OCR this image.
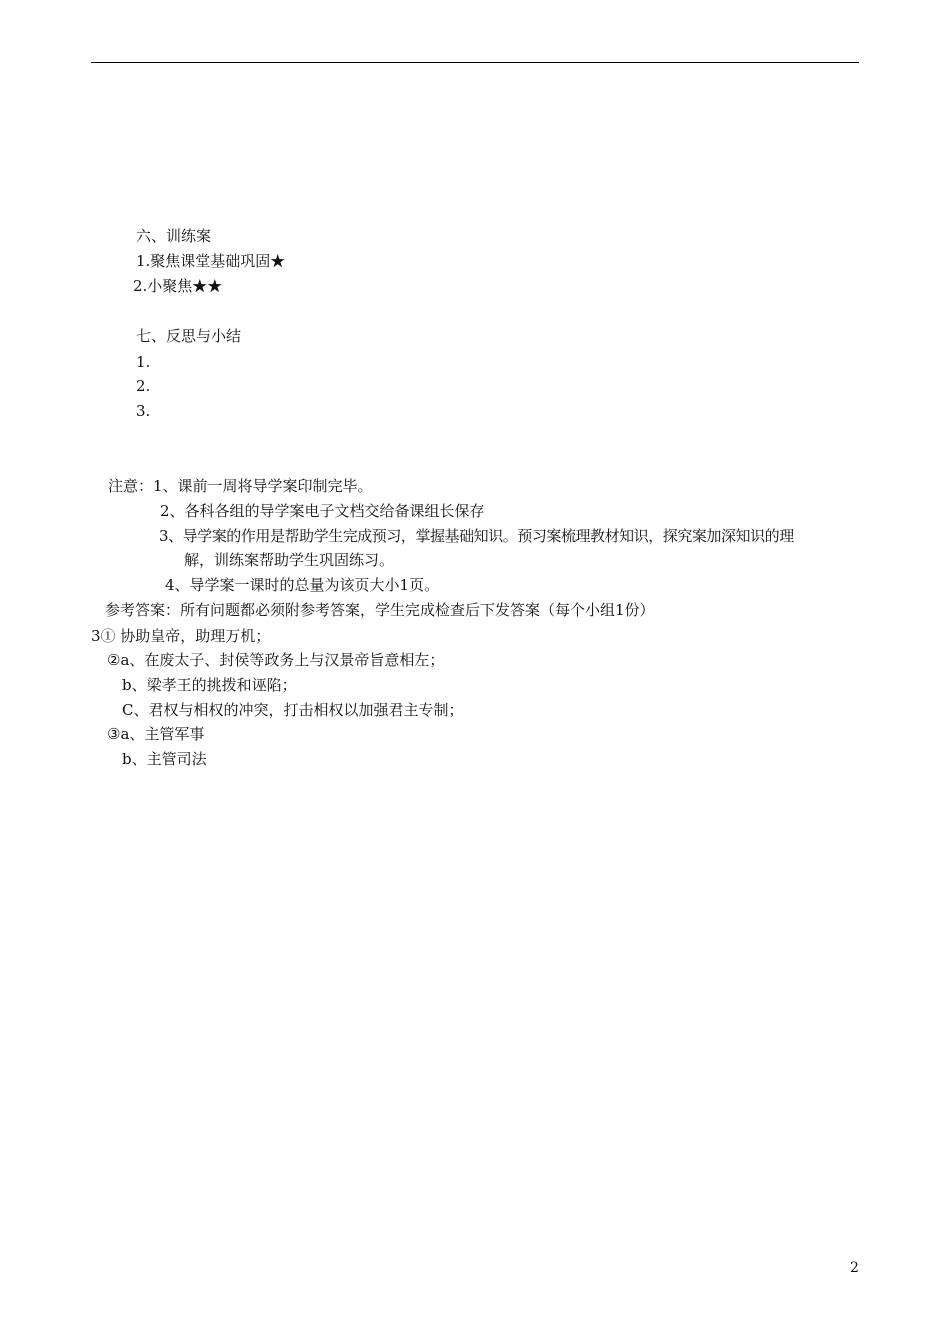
六、训练案
1.聚焦课堂基础巩固★
2.小聚焦★★
七、反思与小结
1.
2.
3.
注意：1、课前一周将导学案印制完毕。
2、各科各组的导学案电子文档交给备课组长保存
3、导学案的作用是帮助学生完成预习，掌握基础知识。预习案梳理教材知识，探究案加深知识的理
解，训练案帮助学生巩固练习。
4、导学案一课时的总量为该页大小1页。
参考答案：所有问题都必须附参考答案，学生完成检查后下发答案（每个小组1份）
3① 协助皇帝，助理万机；
②a、在废太子、封侯等政务上与汉景帝旨意相左；
b、梁孝王的挑拨和诬陷；
C、君权与相权的冲突，打击相权以加强君主专制；
③a、主管军事
b、主管司法
2
